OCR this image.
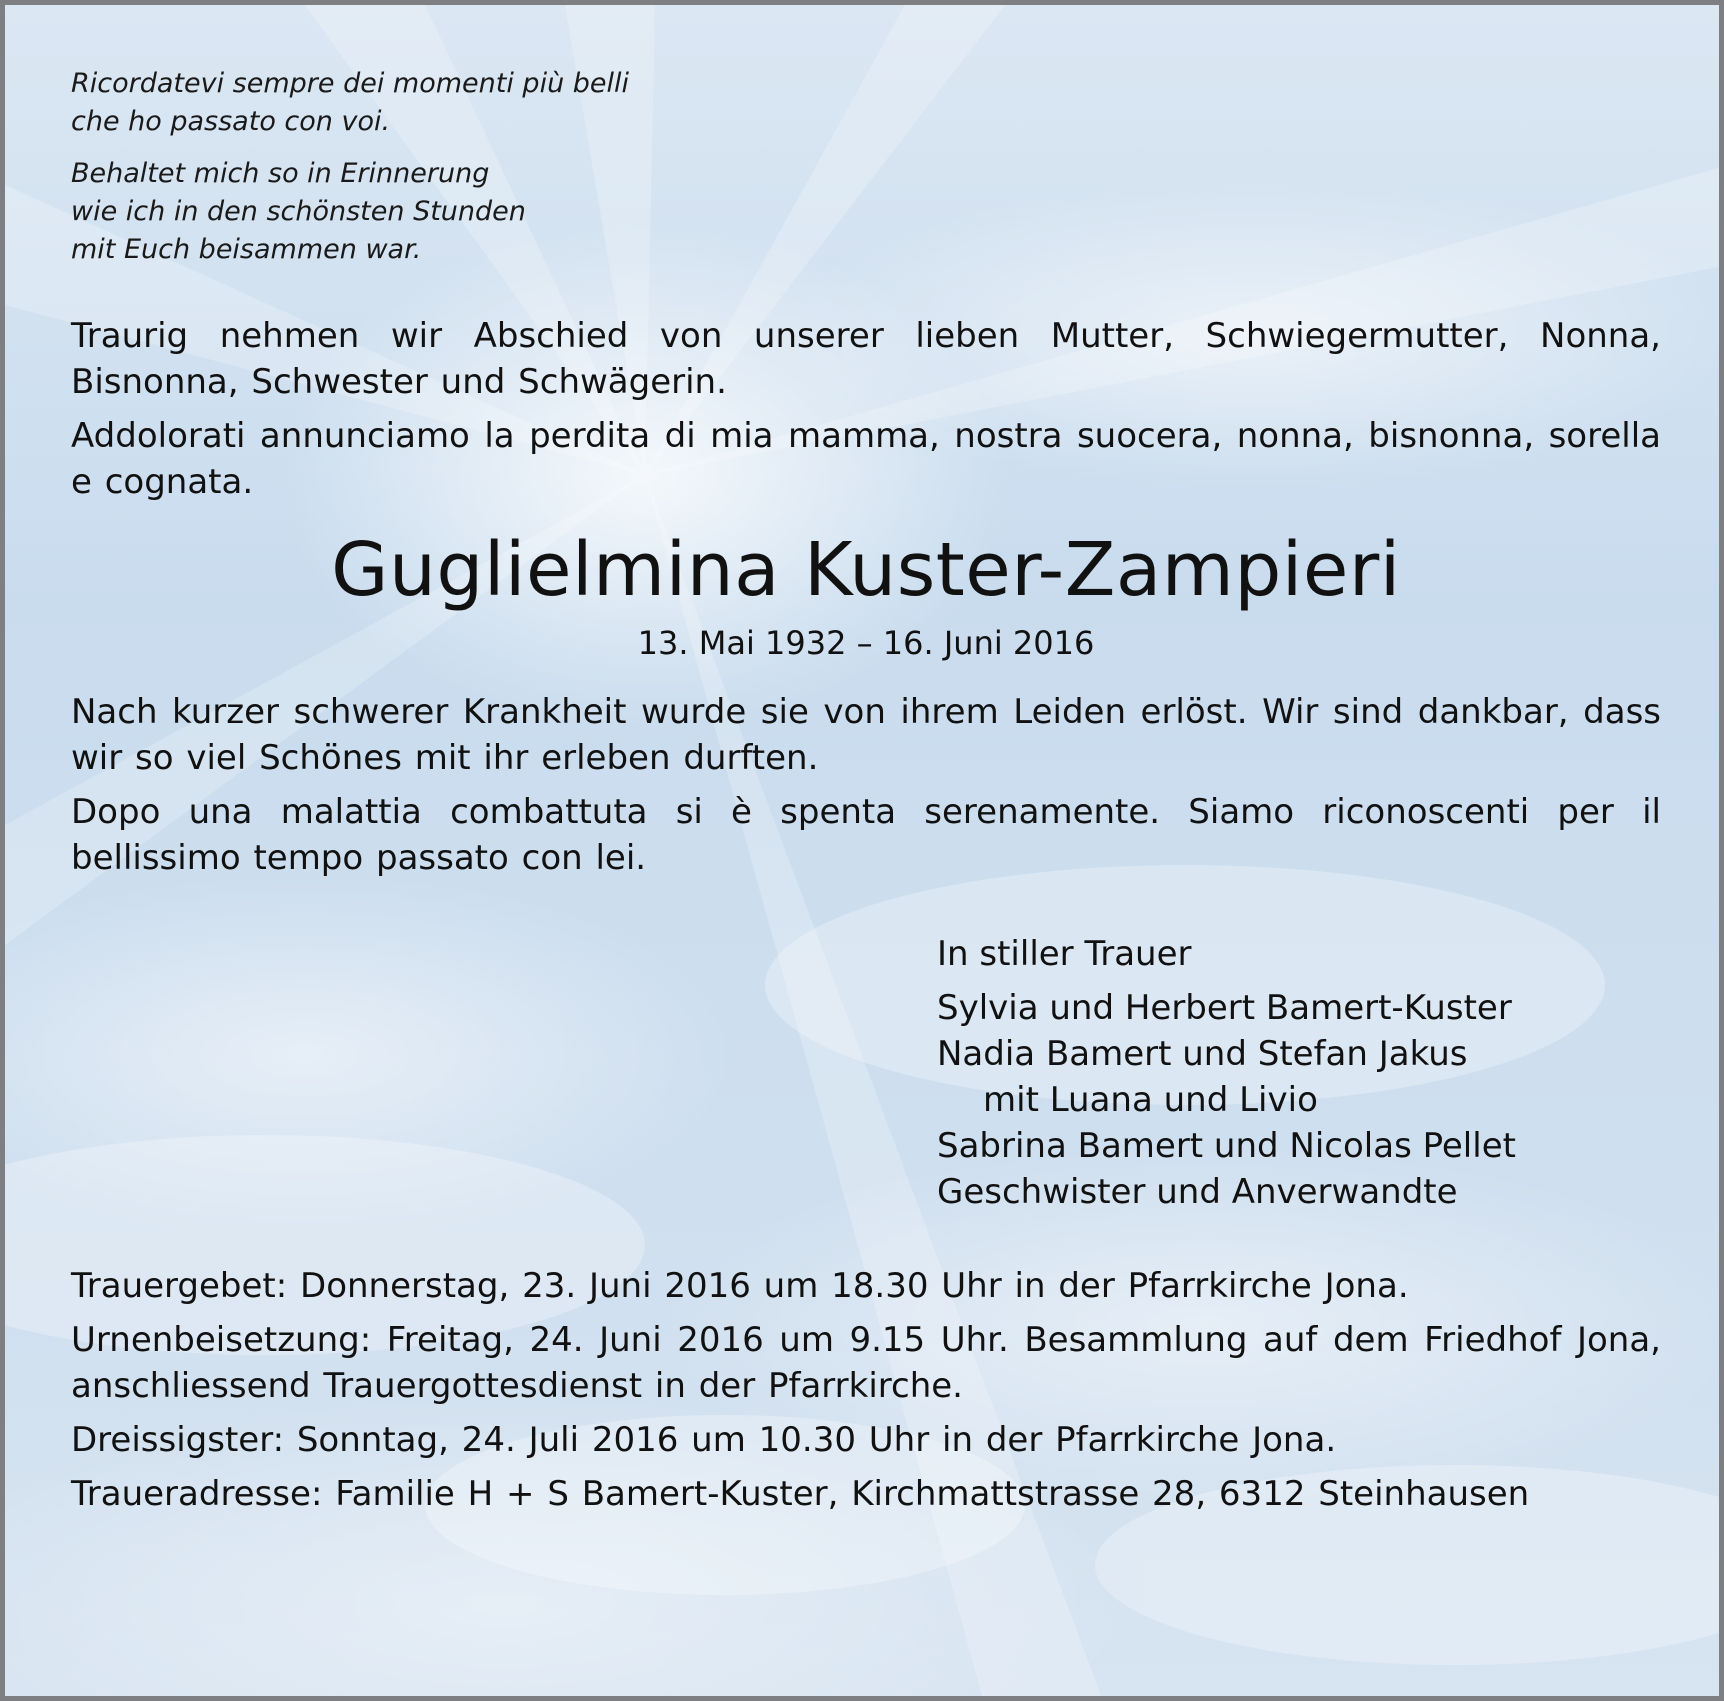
Ricordatevi sempre dei momenti più belli
che ho passato con voi.

Behaltet mich so in Erinnerung
wie ich in den schönsten Stunden
mit Euch beisammen war.

Traurig nehmen wir Abschied von unserer lieben Mutter, Schwiegermutter, Nonna, Bisnonna, Schwester und Schwägerin.

Addolorati annunciamo la perdita di mia mamma, nostra suocera, nonna, bisnonna, sorella e cognata.

Guglielmina Kuster-Zampieri
13. Mai 1932 – 16. Juni 2016

Nach kurzer schwerer Krankheit wurde sie von ihrem Leiden erlöst. Wir sind dankbar, dass wir so viel Schönes mit ihr erleben durften.

Dopo una malattia combattuta si è spenta serenamente. Siamo riconoscenti per il bellissimo tempo passato con lei.

In stiller Trauer
Sylvia und Herbert Bamert-Kuster
Nadia Bamert und Stefan Jakus
mit Luana und Livio
Sabrina Bamert und Nicolas Pellet
Geschwister und Anverwandte

Trauergebet: Donnerstag, 23. Juni 2016 um 18.30 Uhr in der Pfarrkirche Jona.

Urnenbeisetzung: Freitag, 24. Juni 2016 um 9.15 Uhr. Besammlung auf dem Friedhof Jona, anschliessend Trauergottesdienst in der Pfarrkirche.

Dreissigster: Sonntag, 24. Juli 2016 um 10.30 Uhr in der Pfarrkirche Jona.

Traueradresse: Familie H + S Bamert-Kuster, Kirchmattstrasse 28, 6312 Steinhausen
